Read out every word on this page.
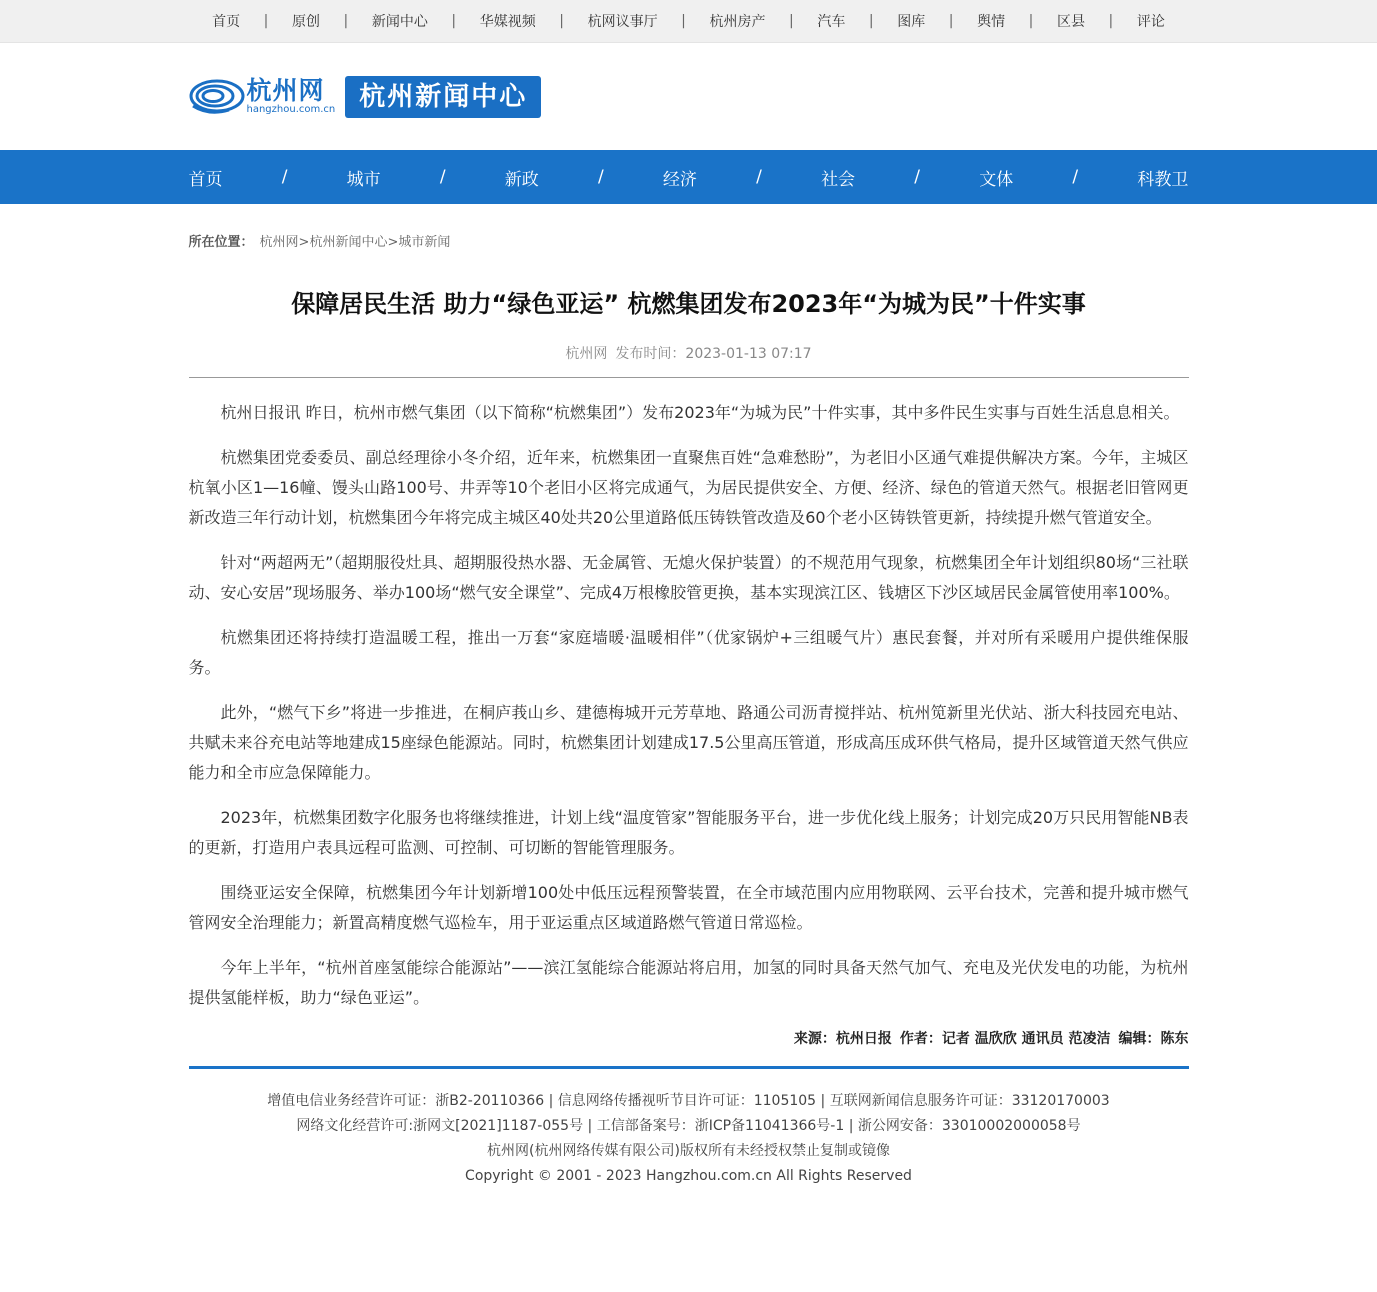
首页 | 原创 | 新闻中心 | 华媒视频 | 杭网议事厅 | 杭州房产 | 汽车 | 图库 | 舆情 | 区县 | 评论
杭州网
hangzhou.com.cn 杭州新闻中心
首页	/	城市	/	新政	/	经济	/	社会	/	文体	/	科教卫
所在位置： 杭州网>杭州新闻中心>城市新闻
保障居民生活 助力“绿色亚运” 杭燃集团发布2023年“为城为民”十件实事
杭州网 发布时间：2023-01-13 07:17

杭州日报讯 昨日，杭州市燃气集团（以下简称“杭燃集团”）发布2023年“为城为民”十件实事，其中多件民生实事与百姓生活息息相关。

杭燃集团党委委员、副总经理徐小冬介绍，近年来，杭燃集团一直聚焦百姓“急难愁盼”，为老旧小区通气难提供解决方案。今年，主城区杭氧小区1—16幢、馒头山路100号、井弄等10个老旧小区将完成通气，为居民提供安全、方便、经济、绿色的管道天然气。根据老旧管网更新改造三年行动计划，杭燃集团今年将完成主城区40处共20公里道路低压铸铁管改造及60个老小区铸铁管更新，持续提升燃气管道安全。

针对“两超两无”（超期服役灶具、超期服役热水器、无金属管、无熄火保护装置）的不规范用气现象，杭燃集团全年计划组织80场“三社联动、安心安居”现场服务、举办100场“燃气安全课堂”、完成4万根橡胶管更换，基本实现滨江区、钱塘区下沙区域居民金属管使用率100%。

杭燃集团还将持续打造温暖工程，推出一万套“家庭墙暖·温暖相伴”（优家锅炉+三组暖气片）惠民套餐，并对所有采暖用户提供维保服务。

此外，“燃气下乡”将进一步推进，在桐庐莪山乡、建德梅城开元芳草地、路通公司沥青搅拌站、杭州笕新里光伏站、浙大科技园充电站、共赋未来谷充电站等地建成15座绿色能源站。同时，杭燃集团计划建成17.5公里高压管道，形成高压成环供气格局，提升区域管道天然气供应能力和全市应急保障能力。

2023年，杭燃集团数字化服务也将继续推进，计划上线“温度管家”智能服务平台，进一步优化线上服务；计划完成20万只民用智能NB表的更新，打造用户表具远程可监测、可控制、可切断的智能管理服务。

围绕亚运安全保障，杭燃集团今年计划新增100处中低压远程预警装置，在全市域范围内应用物联网、云平台技术，完善和提升城市燃气管网安全治理能力；新置高精度燃气巡检车，用于亚运重点区域道路燃气管道日常巡检。

今年上半年，“杭州首座氢能综合能源站”——滨江氢能综合能源站将启用，加氢的同时具备天然气加气、充电及光伏发电的功能，为杭州提供氢能样板，助力“绿色亚运”。

来源：杭州日报 作者：记者 温欣欣 通讯员 范凌洁 编辑：陈东
增值电信业务经营许可证：浙B2-20110366 | 信息网络传播视听节目许可证：1105105 | 互联网新闻信息服务许可证：33120170003
网络文化经营许可:浙网文[2021]1187-055号 | 工信部备案号：浙ICP备11041366号-1 | 浙公网安备：33010002000058号
杭州网(杭州网络传媒有限公司)版权所有未经授权禁止复制或镜像
Copyright © 2001 - 2023 Hangzhou.com.cn All Rights Reserved
